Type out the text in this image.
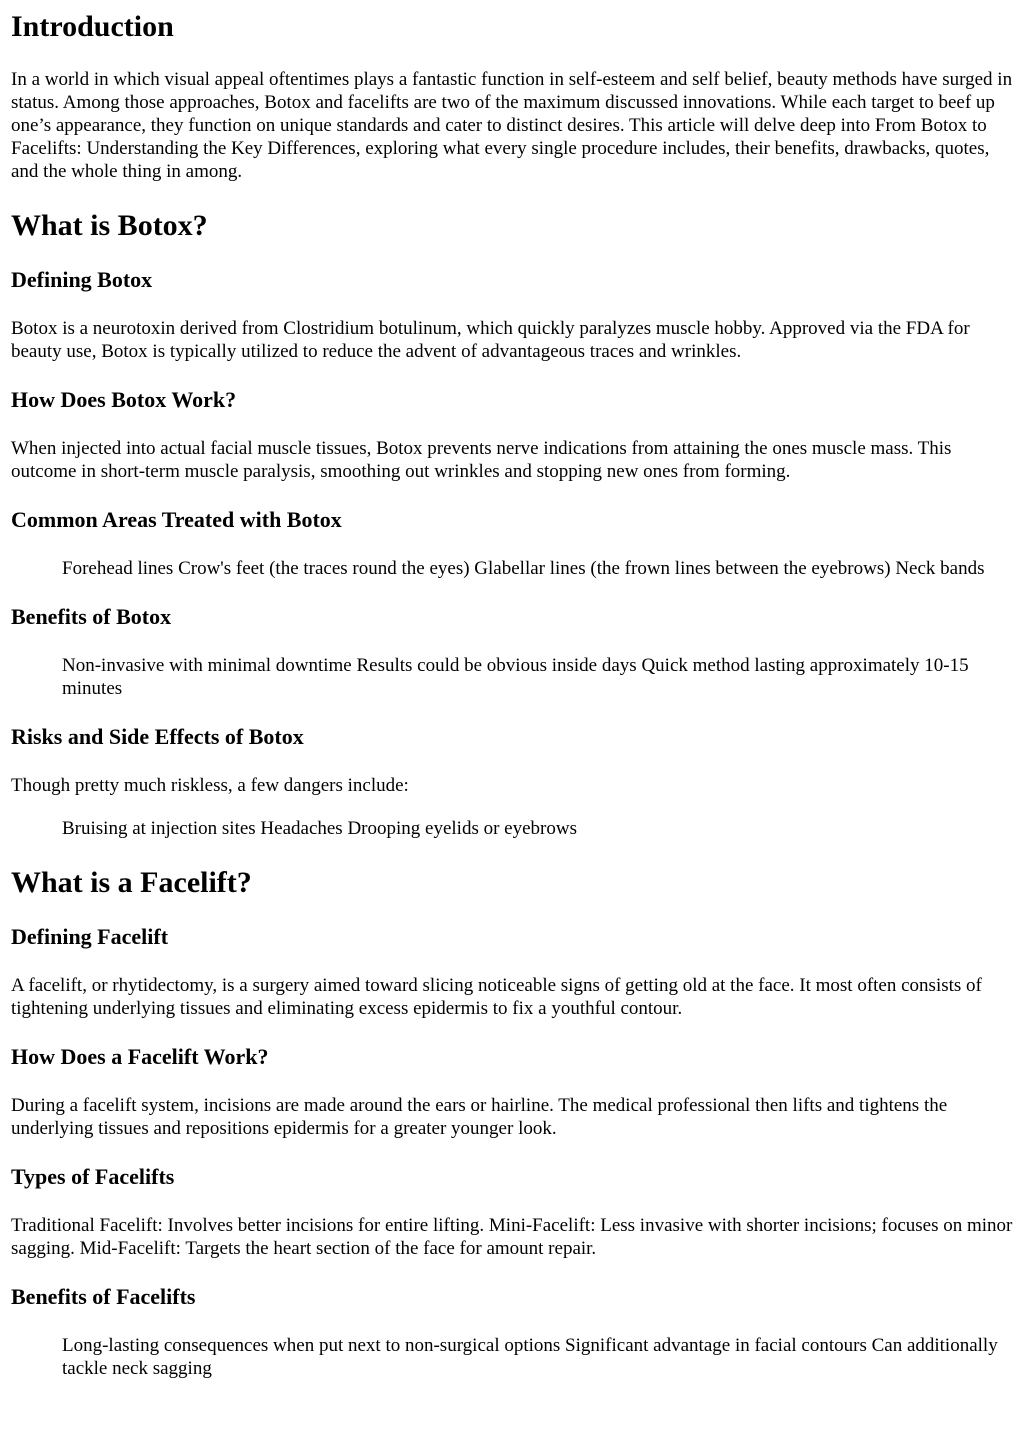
Introduction

In a world in which visual appeal oftentimes plays a fantastic function in self-esteem and self belief, beauty methods have surged in status. Among those approaches, Botox and facelifts are two of the maximum discussed innovations. While each target to beef up one’s appearance, they function on unique standards and cater to distinct desires. This article will delve deep into From Botox to Facelifts: Understanding the Key Differences, exploring what every single procedure includes, their benefits, drawbacks, quotes, and the whole thing in among.

What is Botox?
Defining Botox

Botox is a neurotoxin derived from Clostridium botulinum, which quickly paralyzes muscle hobby. Approved via the FDA for beauty use, Botox is typically utilized to reduce the advent of advantageous traces and wrinkles.

How Does Botox Work?

When injected into actual facial muscle tissues, Botox prevents nerve indications from attaining the ones muscle mass. This outcome in short-term muscle paralysis, smoothing out wrinkles and stopping new ones from forming.

Common Areas Treated with Botox

Forehead lines Crow's feet (the traces round the eyes) Glabellar lines (the frown lines between the eyebrows) Neck bands

Benefits of Botox

Non-invasive with minimal downtime Results could be obvious inside days Quick method lasting approximately 10-15 minutes

Risks and Side Effects of Botox

Though pretty much riskless, a few dangers include:

Bruising at injection sites Headaches Drooping eyelids or eyebrows

What is a Facelift?
Defining Facelift

A facelift, or rhytidectomy, is a surgery aimed toward slicing noticeable signs of getting old at the face. It most often consists of tightening underlying tissues and eliminating excess epidermis to fix a youthful contour.

How Does a Facelift Work?

During a facelift system, incisions are made around the ears or hairline. The medical professional then lifts and tightens the underlying tissues and repositions epidermis for a greater younger look.

Types of Facelifts

Traditional Facelift: Involves better incisions for entire lifting. Mini-Facelift: Less invasive with shorter incisions; focuses on minor sagging. Mid-Facelift: Targets the heart section of the face for amount repair.

Benefits of Facelifts

Long-lasting consequences when put next to non-surgical options Significant advantage in facial contours Can additionally tackle neck sagging
